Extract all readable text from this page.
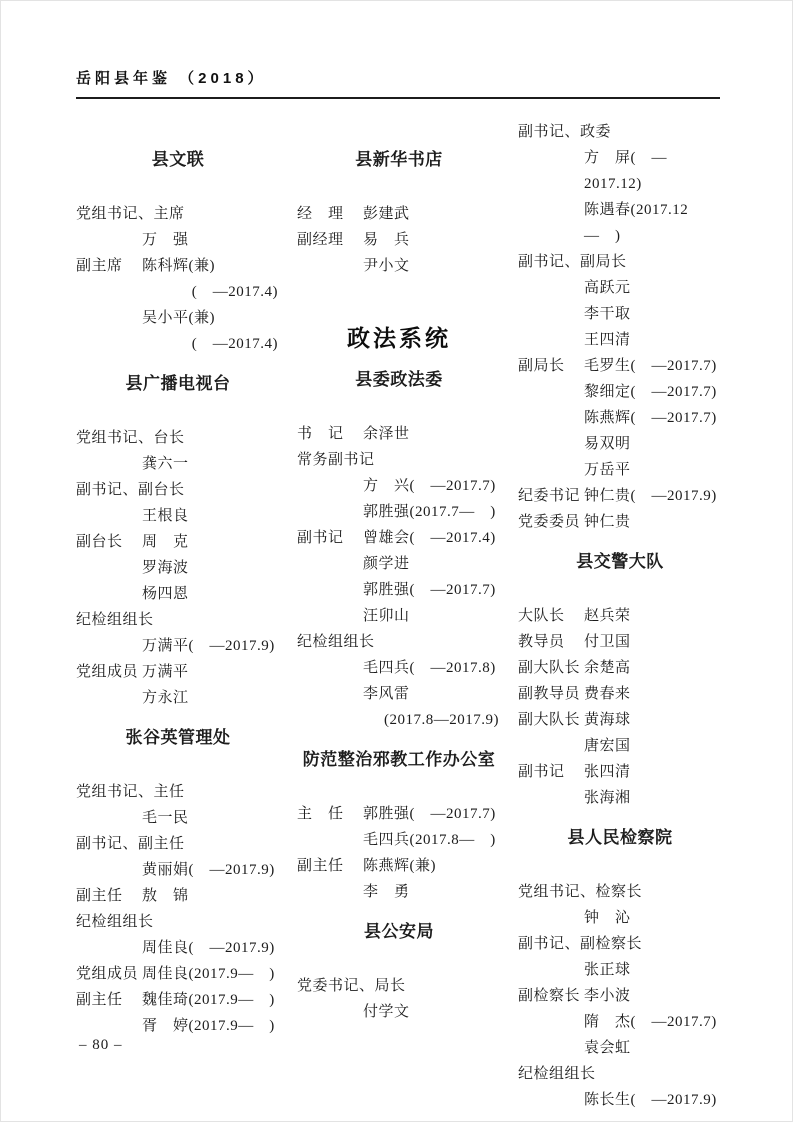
岳阳县年鉴 （2018）
县文联
党组书记、主席
万　强
副主席	陈科辉(兼)
(　—2017.4)
吴小平(兼)
(　—2017.4)
县广播电视台
党组书记、台长
龚六一
副书记、副台长
王根良
副台长	周　克
罗海波
杨四恩
纪检组组长
万满平(　—2017.9)
党组成员 万满平
方永江
张谷英管理处
党组书记、主任
毛一民
副书记、副主任
黄丽娟(　—2017.9)
副主任	敖　锦
纪检组组长
周佳良(　—2017.9)
党组成员 周佳良(2017.9—　)
副主任	魏佳琦(2017.9—　)
胥　婷(2017.9—　)
县新华书店
经　理	彭建武
副经理	易　兵
尹小文
政法系统
县委政法委
书　记	余泽世
常务副书记
方　兴(　—2017.7)
郭胜强(2017.7—　)
副书记	曾雄会(　—2017.4)
颜学进
郭胜强(　—2017.7)
汪卯山
纪检组组长
毛四兵(　—2017.8)
李风雷
(2017.8—2017.9)
防范整治邪教工作办公室
主　任	郭胜强(　—2017.7)
毛四兵(2017.8—　)
副主任	陈燕辉(兼)
李　勇
县公安局
党委书记、局长
付学文
副书记、政委
方　屏(　—2017.12)
陈遇春(2017.12—　)
副书记、副局长
高跃元
李干取
王四清
副局长	毛罗生(　—2017.7)
黎细定(　—2017.7)
陈燕辉(　—2017.7)
易双明
万岳平
纪委书记 钟仁贵(　—2017.9)
党委委员 钟仁贵
县交警大队
大队长	赵兵荣
教导员	付卫国
副大队长 余楚高
副教导员 费春来
副大队长 黄海球
唐宏国
副书记	张四清
张海湘
县人民检察院
党组书记、检察长
钟　沁
副书记、副检察长
张正球
副检察长 李小波
隋　杰(　—2017.7)
袁会虹
纪检组组长
陈长生(　—2017.9)
– 80 –
